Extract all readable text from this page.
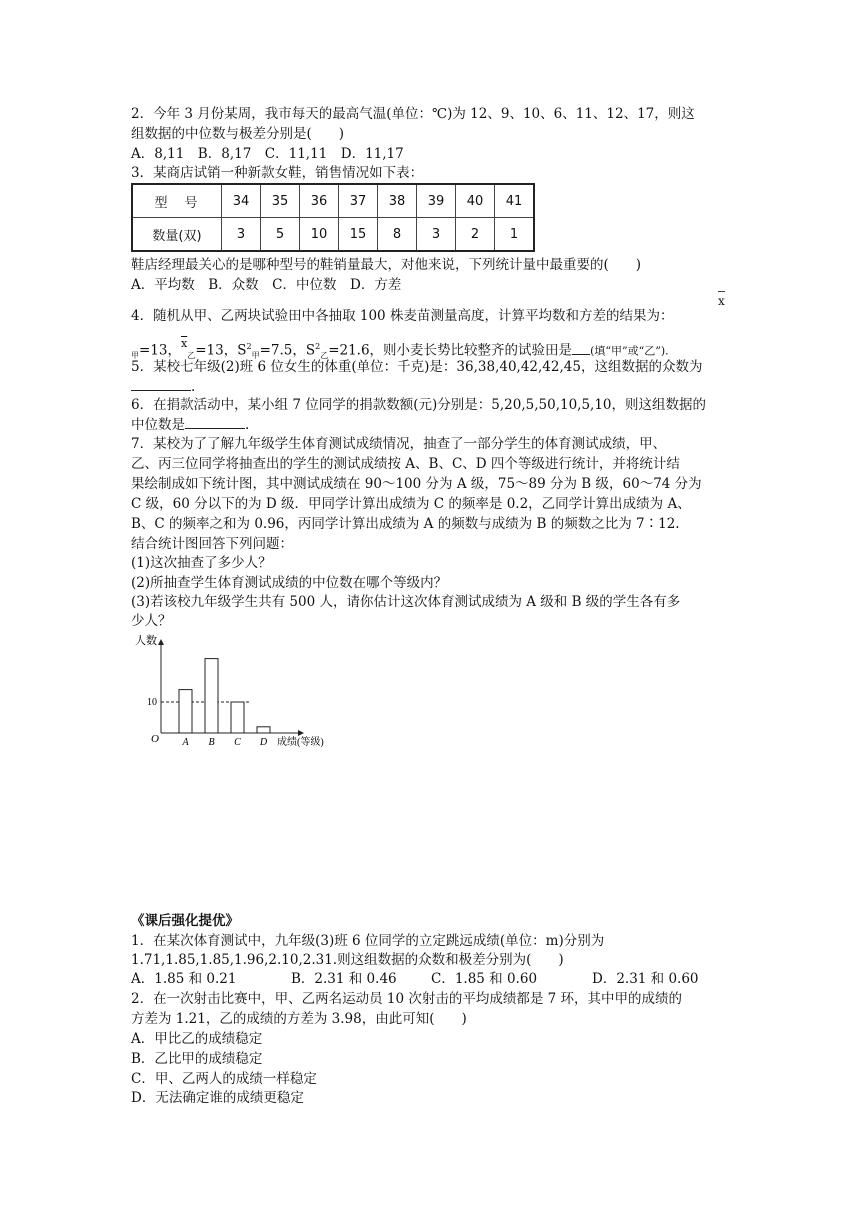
2．今年 3 月份某周，我市每天的最高气温(单位：℃)为 12、9、10、6、11、12、17，则这
组数据的中位数与极差分别是(　　)
A．8,11　B．8,17　C．11,11　D．11,17
3．某商店试销一种新款女鞋，销售情况如下表：
型　号	34	35	36	37	38	39	40	41
数量(双)	3	5	10	15	8	3	2	1
鞋店经理最关心的是哪种型号的鞋销量最大，对他来说，下列统计量中最重要的(　　)
A．平均数　B．众数　C．中位数　D．方差
4．随机从甲、乙两块试验田中各抽取 100 株麦苗测量高度，计算平均数和方差的结果为：
x
$_甲$=13，$^{\overline{x}}_乙$=13，$S^2_甲=7.5$，$S^2_乙=21.6$，则小麦长势比较整齐的试验田是 (填“甲”或“乙”).
5．某校七年级(2)班 6 位女生的体重(单位：千克)是：36,38,40,42,42,45，这组数据的众数为
.
6．在捐款活动中，某小组 7 位同学的捐款数额(元)分别是：5,20,5,50,10,5,10，则这组数据的
中位数是	.
7．某校为了了解九年级学生体育测试成绩情况，抽查了一部分学生的体育测试成绩，甲、
乙、丙三位同学将抽查出的学生的测试成绩按 A、B、C、D 四个等级进行统计，并将统计结
果绘制成如下统计图，其中测试成绩在 90～100 分为 A 级，75～89 分为 B 级，60～74 分为
C 级，60 分以下的为 D 级．甲同学计算出成绩为 C 的频率是 0.2，乙同学计算出成绩为 A、
B、C 的频率之和为 0.96，丙同学计算出成绩为 A 的频数与成绩为 B 的频数之比为 7∶12.
结合统计图回答下列问题：
(1)这次抽查了多少人？
(2)所抽查学生体育测试成绩的中位数在哪个等级内？
(3)若该校九年级学生共有 500 人，请你估计这次体育测试成绩为 A 级和 B 级的学生各有多
少人？
人数
O
10
A B C D 成绩(等级)
《课后强化提优》
1．在某次体育测试中，九年级(3)班 6 位同学的立定跳远成绩(单位：m)分别为
1.71,1.85,1.85,1.96,2.10,2.31.则这组数据的众数和极差分别为(　　)
A．1.85 和 0.21	B．2.31 和 0.46	C．1.85 和 0.60	D．2.31 和 0.60
2．在一次射击比赛中，甲、乙两名运动员 10 次射击的平均成绩都是 7 环，其中甲的成绩的
方差为 1.21，乙的成绩的方差为 3.98，由此可知(　　)
A．甲比乙的成绩稳定
B．乙比甲的成绩稳定
C．甲、乙两人的成绩一样稳定
D．无法确定谁的成绩更稳定
